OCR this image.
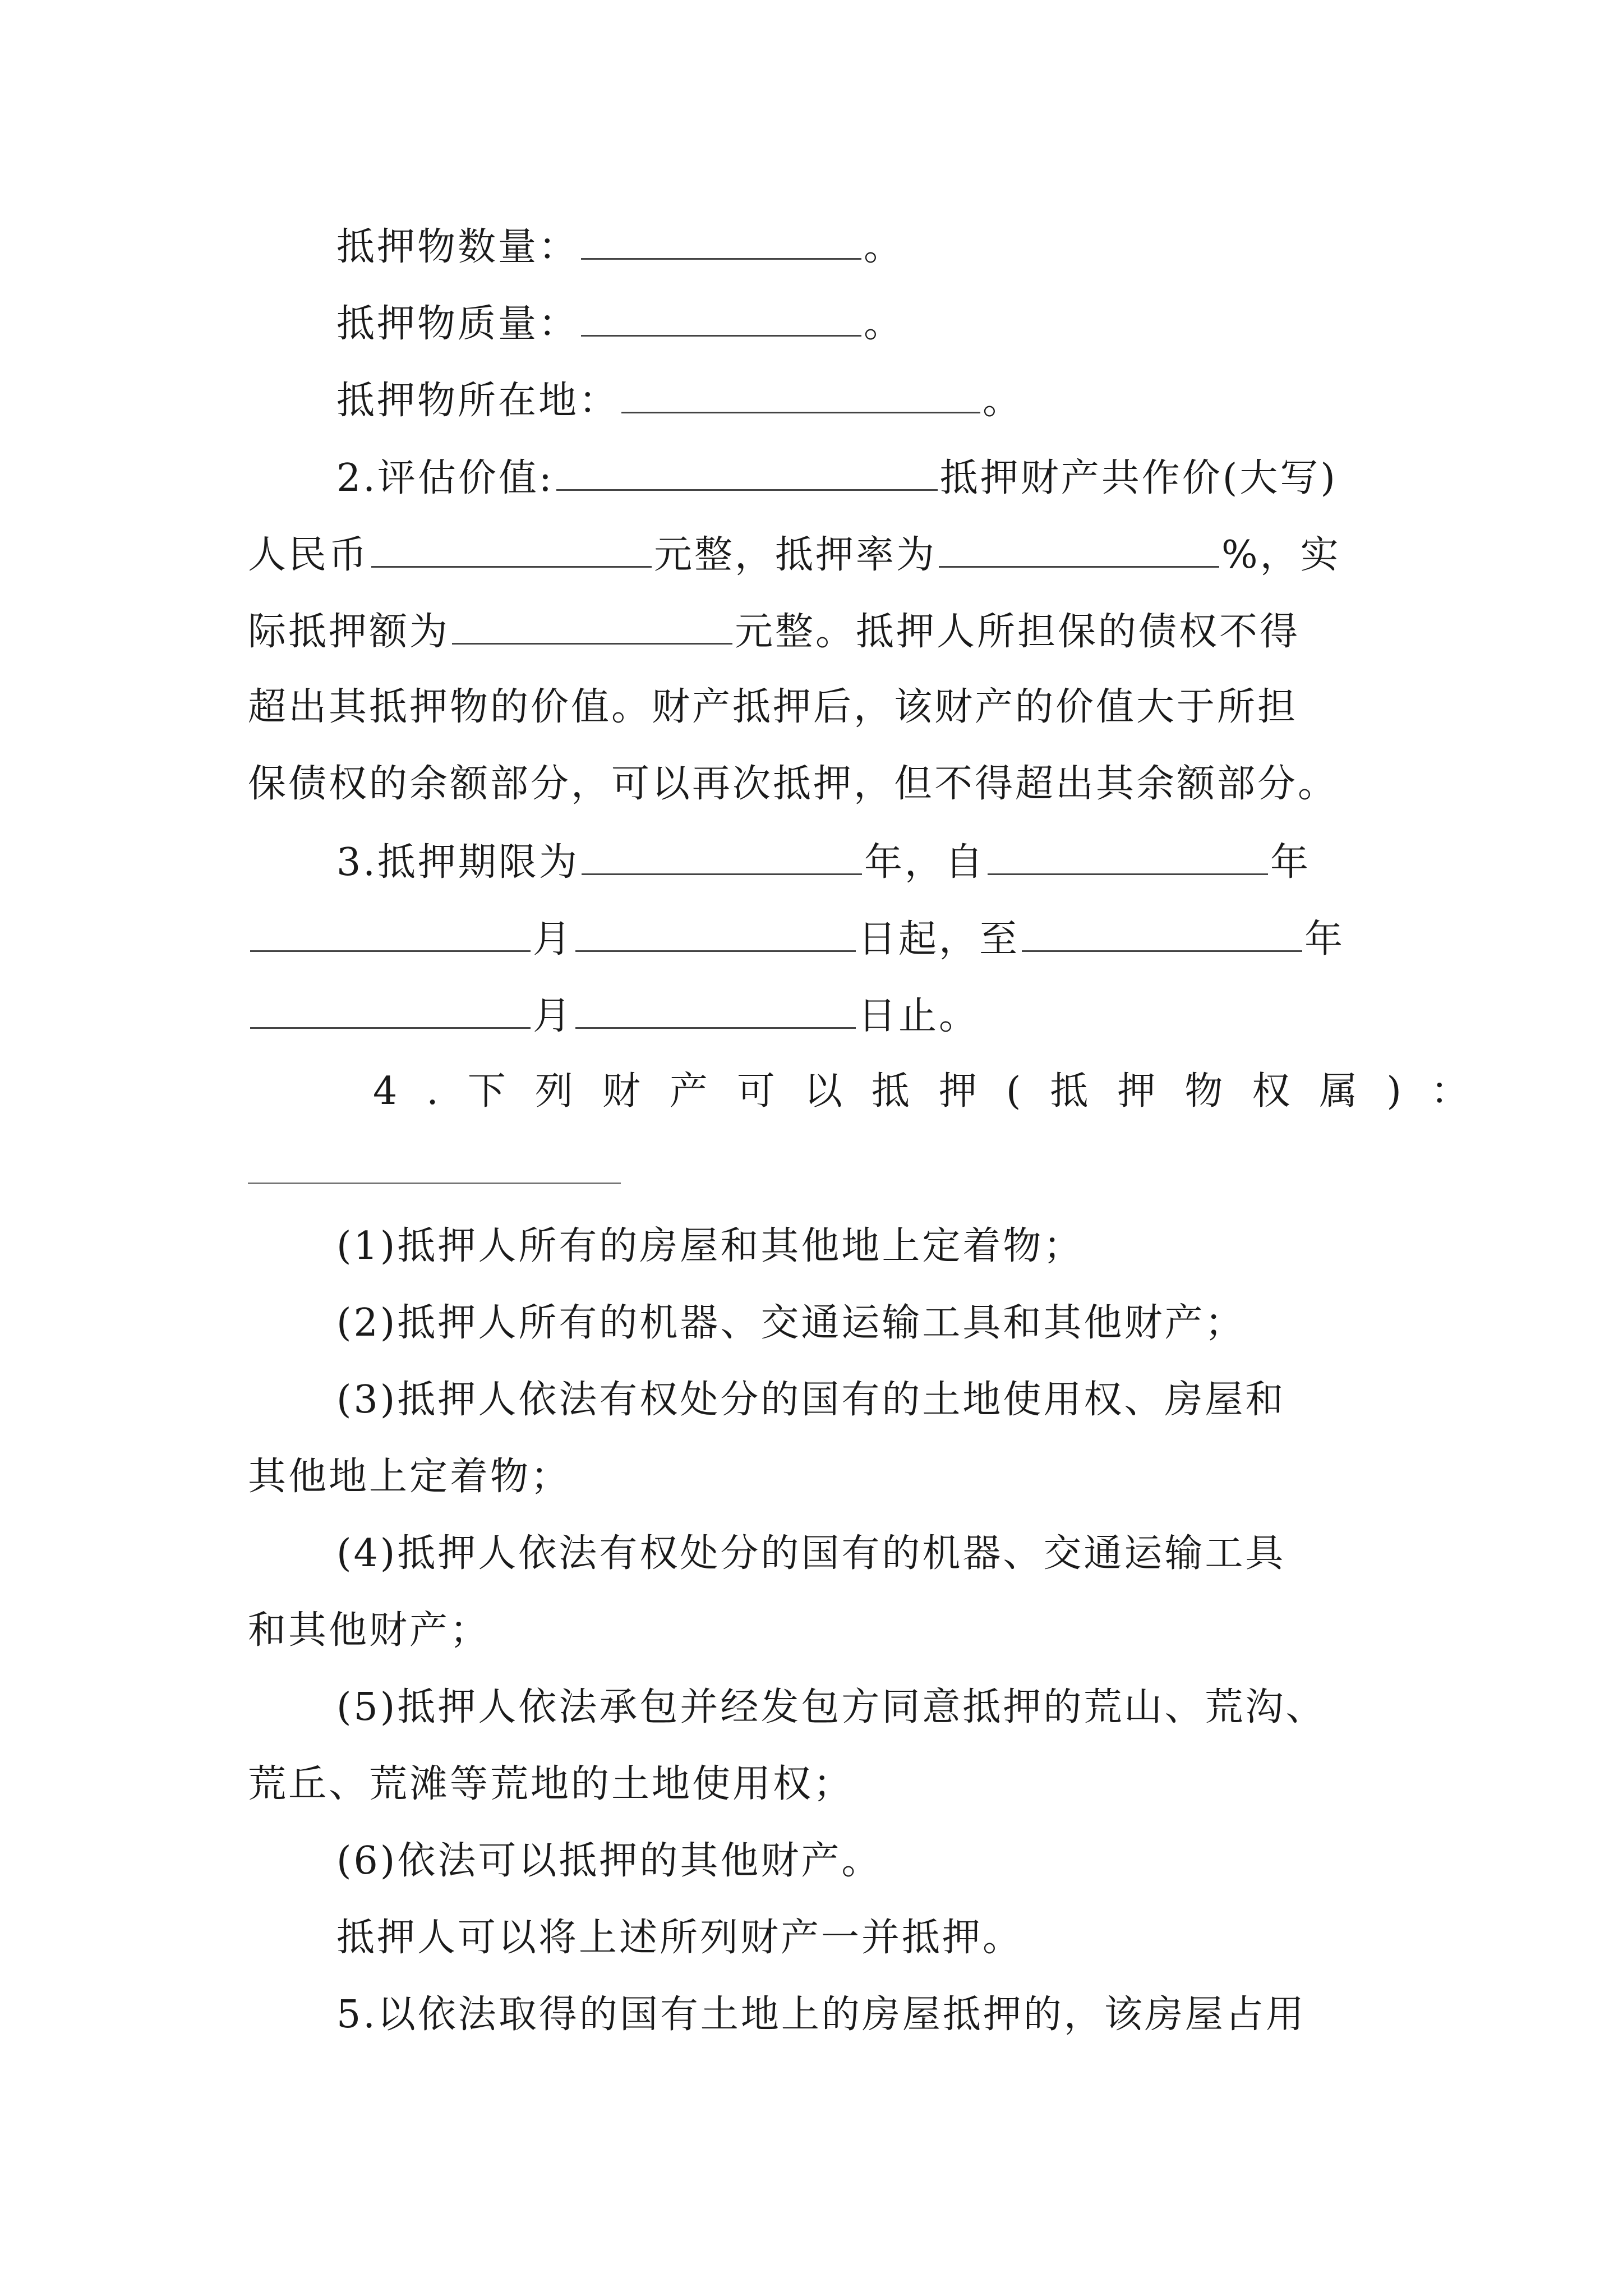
抵押物数量：	。
抵押物质量：	。
抵押物所在地：	。
2.评估价值:	抵押财产共作价(大写)
人民币	元整，抵押率为	%，实
际抵押额为	元整。抵押人所担保的债权不得
超出其抵押物的价值。财产抵押后，该财产的价值大于所担
保债权的余额部分，可以再次抵押，但不得超出其余额部分。
3.抵押期限为	年，自	年
月	日起，至	年
月	日止。
4.下列财产可以抵押(抵押物权属)：
(1)抵押人所有的房屋和其他地上定着物；
(2)抵押人所有的机器、交通运输工具和其他财产；
(3)抵押人依法有权处分的国有的土地使用权、房屋和
其他地上定着物；
(4)抵押人依法有权处分的国有的机器、交通运输工具
和其他财产；
(5)抵押人依法承包并经发包方同意抵押的荒山、荒沟、
荒丘、荒滩等荒地的土地使用权；
(6)依法可以抵押的其他财产。
抵押人可以将上述所列财产一并抵押。
5.以依法取得的国有土地上的房屋抵押的，该房屋占用
